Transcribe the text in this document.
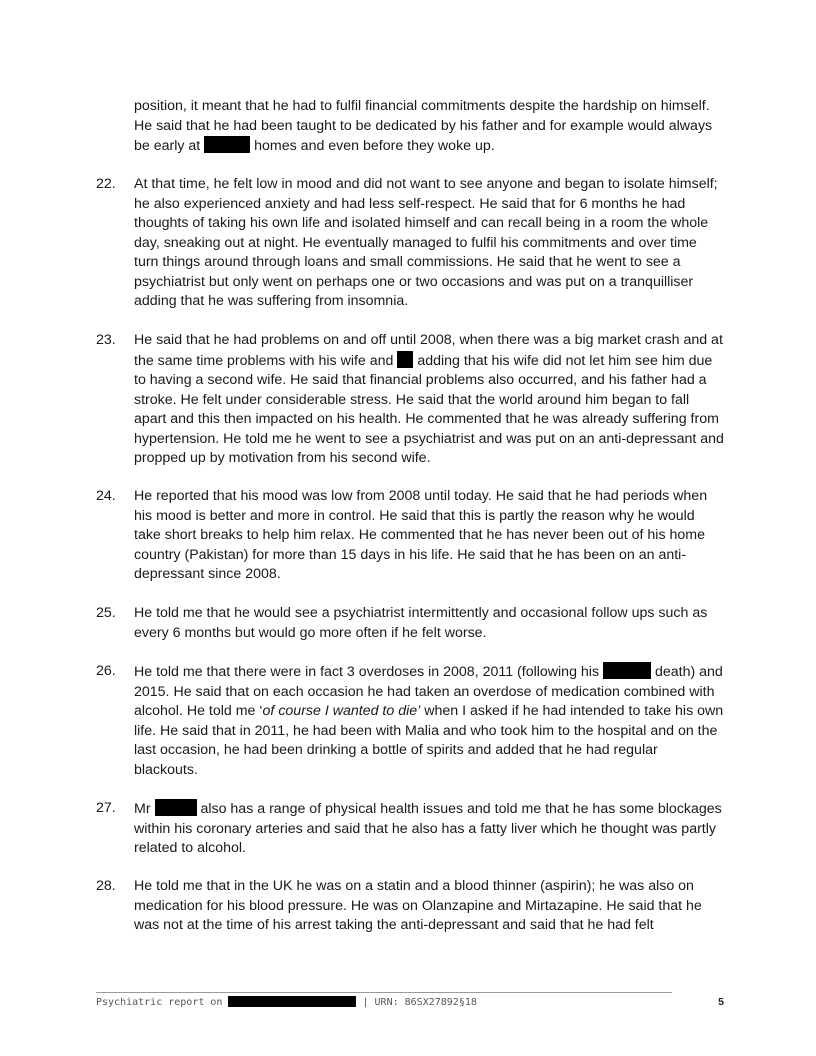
position, it meant that he had to fulfil financial commitments despite the hardship on himself. He said that he had been taught to be dedicated by his father and for example would always be early at	homes and even before they woke up.
22.	At that time, he felt low in mood and did not want to see anyone and began to isolate himself; he also experienced anxiety and had less self-respect. He said that for 6 months he had thoughts of taking his own life and isolated himself and can recall being in a room the whole day, sneaking out at night. He eventually managed to fulfil his commitments and over time turn things around through loans and small commissions. He said that he went to see a psychiatrist but only went on perhaps one or two occasions and was put on a tranquilliser adding that he was suffering from insomnia.
23.	He said that he had problems on and off until 2008, when there was a big market crash and at the same time problems with his wife and adding that his wife did not let him see him due to having a second wife. He said that financial problems also occurred, and his father had a stroke. He felt under considerable stress. He said that the world around him began to fall apart and this then impacted on his health. He commented that he was already suffering from hypertension. He told me he went to see a psychiatrist and was put on an anti-depressant and propped up by motivation from his second wife.
24.	He reported that his mood was low from 2008 until today. He said that he had periods when his mood is better and more in control. He said that this is partly the reason why he would take short breaks to help him relax. He commented that he has never been out of his home country (Pakistan) for more than 15 days in his life. He said that he has been on an anti-depressant since 2008.
25.	He told me that he would see a psychiatrist intermittently and occasional follow ups such as every 6 months but would go more often if he felt worse.
26.	He told me that there were in fact 3 overdoses in 2008, 2011 (following his	death) and 2015. He said that on each occasion he had taken an overdose of medication combined with alcohol. He told me ‘of course I wanted to die’ when I asked if he had intended to take his own life. He said that in 2011, he had been with Malia and who took him to the hospital and on the last occasion, he had been drinking a bottle of spirits and added that he had regular blackouts.
27.	Mr	also has a range of physical health issues and told me that he has some blockages within his coronary arteries and said that he also has a fatty liver which he thought was partly related to alcohol.
28.	He told me that in the UK he was on a statin and a blood thinner (aspirin); he was also on medication for his blood pressure. He was on Olanzapine and Mirtazapine. He said that he was not at the time of his arrest taking the anti-depressant and said that he had felt
Psychiatric report on	| URN: 86SX27892§18	5
